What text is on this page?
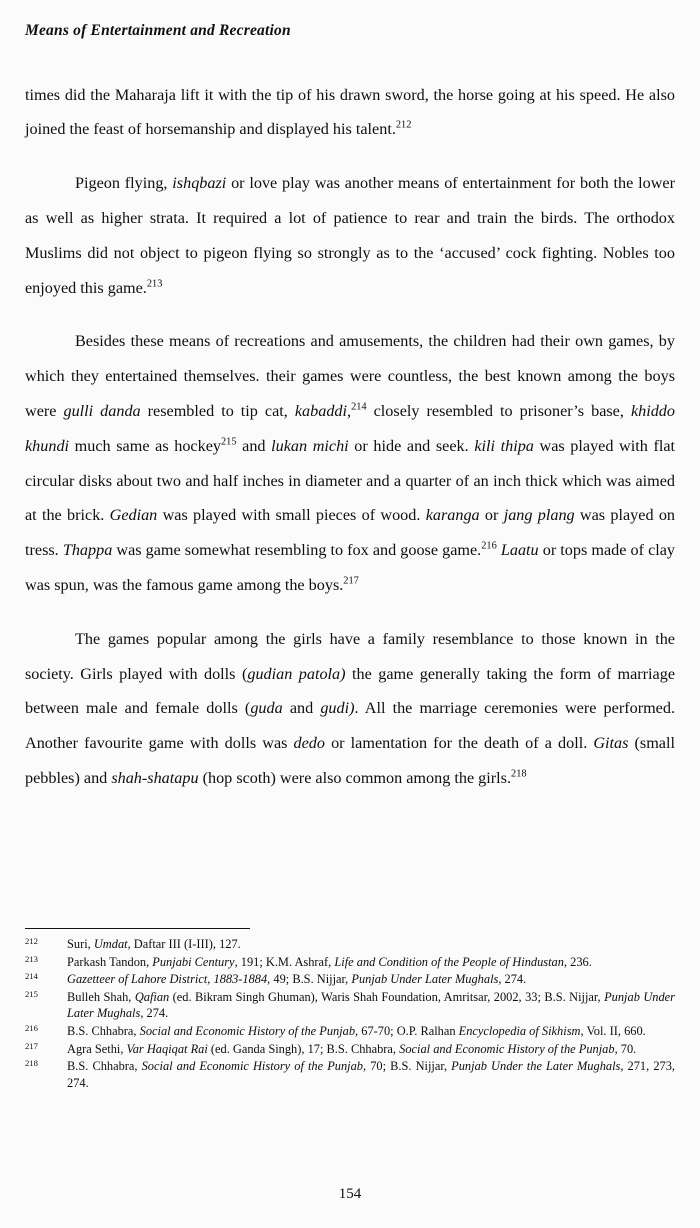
Means of Entertainment and Recreation

times did the Maharaja lift it with the tip of his drawn sword, the horse going at his speed. He also joined the feast of horsemanship and displayed his talent.$^{212}$

Pigeon flying, ishqbazi or love play was another means of entertainment for both the lower as well as higher strata. It required a lot of patience to rear and train the birds. The orthodox Muslims did not object to pigeon flying so strongly as to the ‘accused’ cock fighting. Nobles too enjoyed this game.$^{213}$

Besides these means of recreations and amusements, the children had their own games, by which they entertained themselves. their games were countless, the best known among the boys were gulli danda resembled to tip cat, kabaddi,$^{214}$ closely resembled to prisoner’s base, khiddo khundi much same as hockey$^{215}$ and lukan michi or hide and seek. kili thipa was played with flat circular disks about two and half inches in diameter and a quarter of an inch thick which was aimed at the brick. Gedian was played with small pieces of wood. karanga or jang plang was played on tress. Thappa was game somewhat resembling to fox and goose game.$^{216}$ Laatu or tops made of clay was spun, was the famous game among the boys.$^{217}$

The games popular among the girls have a family resemblance to those known in the society. Girls played with dolls (gudian patola) the game generally taking the form of marriage between male and female dolls (guda and gudi). All the marriage ceremonies were performed. Another favourite game with dolls was dedo or lamentation for the death of a doll. Gitas (small pebbles) and shah-shatapu (hop scoth) were also common among the girls.$^{218}$

212	Suri, Umdat, Daftar III (I-III), 127.
213	Parkash Tandon, Punjabi Century, 191; K.M. Ashraf, Life and Condition of the People of Hindustan, 236.
214	Gazetteer of Lahore District, 1883-1884, 49; B.S. Nijjar, Punjab Under Later Mughals, 274.
215	Bulleh Shah, Qafian (ed. Bikram Singh Ghuman), Waris Shah Foundation, Amritsar, 2002, 33; B.S. Nijjar, Punjab Under Later Mughals, 274.
216	B.S. Chhabra, Social and Economic History of the Punjab, 67-70; O.P. Ralhan Encyclopedia of Sikhism, Vol. II, 660.
217	Agra Sethi, Var Haqiqat Rai (ed. Ganda Singh), 17; B.S. Chhabra, Social and Economic History of the Punjab, 70.
218	B.S. Chhabra, Social and Economic History of the Punjab, 70; B.S. Nijjar, Punjab Under the Later Mughals, 271, 273, 274.
154
